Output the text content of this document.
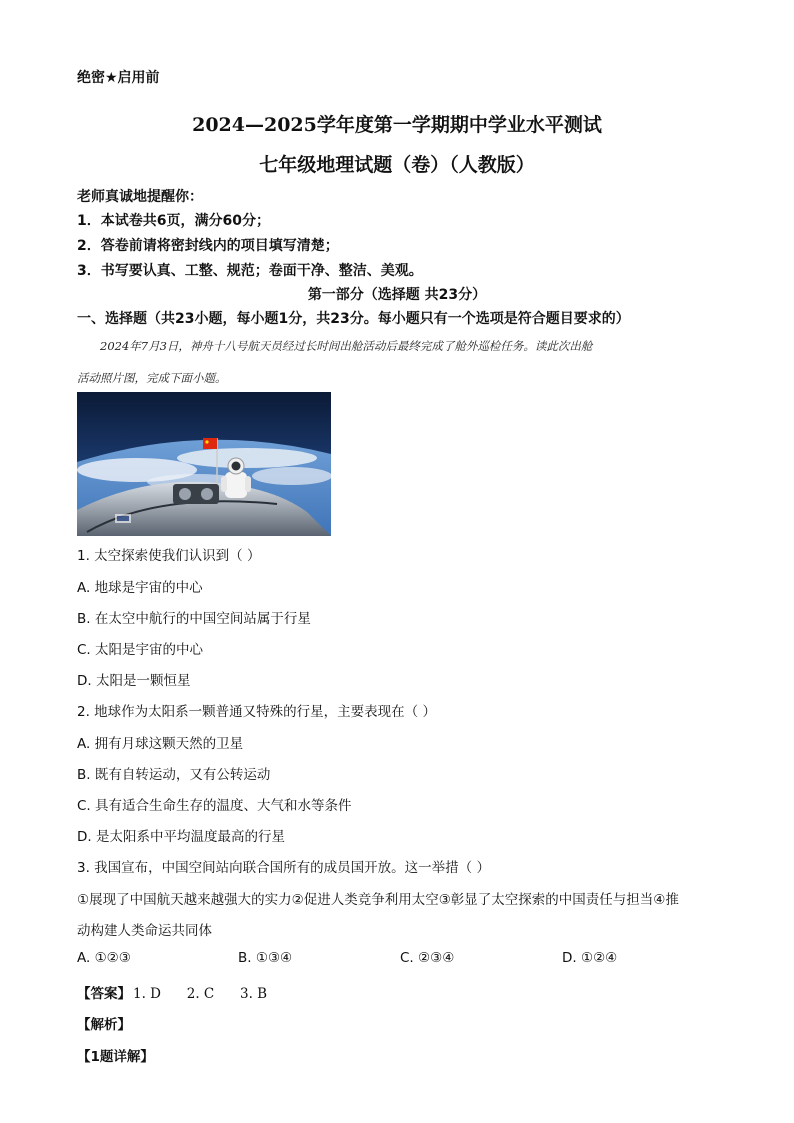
绝密★启用前
2024—2025学年度第一学期期中学业水平测试
七年级地理试题（卷）（人教版）
老师真诚地提醒你：
1．本试卷共6页，满分60分；
2．答卷前请将密封线内的项目填写清楚；
3．书写要认真、工整、规范；卷面干净、整洁、美观。
第一部分（选择题 共23分）
一、选择题（共23小题，每小题1分，共23分。每小题只有一个选项是符合题目要求的）
2024年7月3日，神舟十八号航天员经过长时间出舱活动后最终完成了舱外巡检任务。读此次出舱
活动照片图，完成下面小题。
1. 太空探索使我们认识到（ ）
A. 地球是宇宙的中心
B. 在太空中航行的中国空间站属于行星
C. 太阳是宇宙的中心
D. 太阳是一颗恒星
2. 地球作为太阳系一颗普通又特殊的行星，主要表现在（ ）
A. 拥有月球这颗天然的卫星
B. 既有自转运动，又有公转运动
C. 具有适合生命生存的温度、大气和水等条件
D. 是太阳系中平均温度最高的行星
3. 我国宣布，中国空间站向联合国所有的成员国开放。这一举措（ ）
①展现了中国航天越来越强大的实力②促进人类竞争利用太空③彰显了太空探索的中国责任与担当④推
动构建人类命运共同体
A. ①②③	B. ①③④	C. ②③④	D. ①②④
【答案】 1. D      2. C      3. B
【解析】
【1题详解】
